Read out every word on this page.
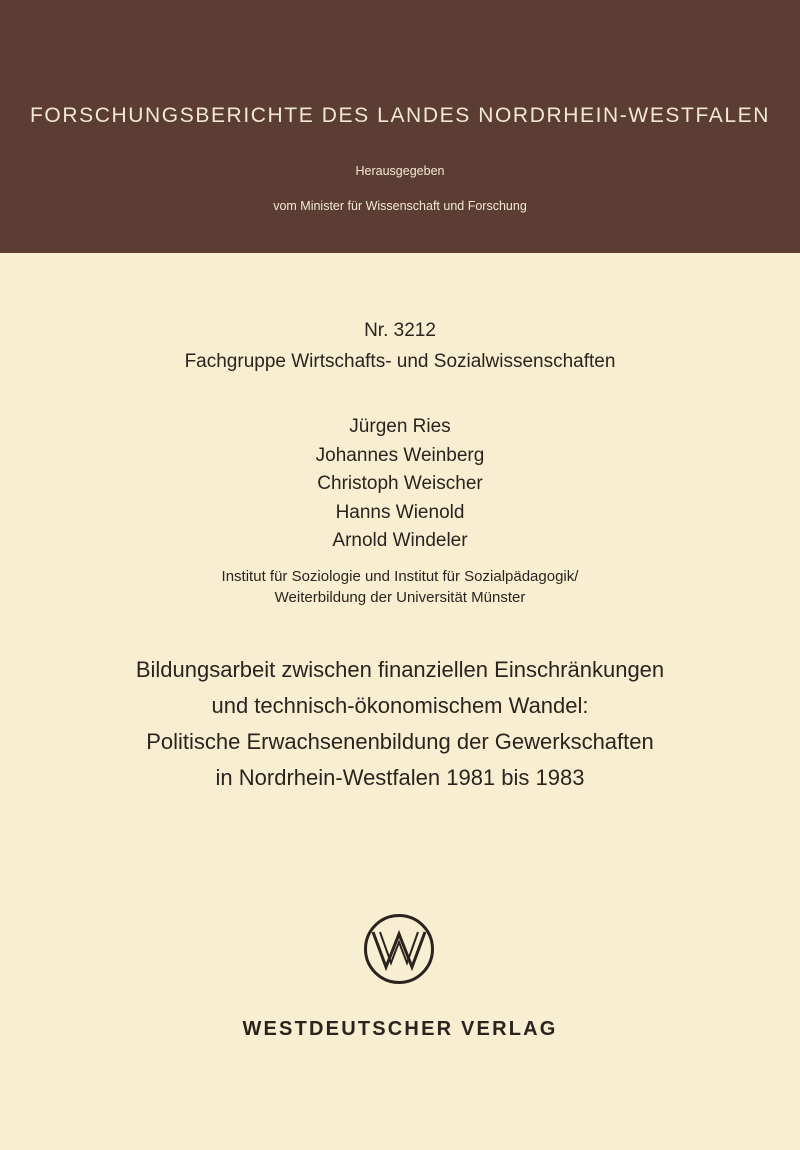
FORSCHUNGSBERICHTE DES LANDES NORDRHEIN-WESTFALEN
Herausgegeben
vom Minister für Wissenschaft und Forschung
Nr. 3212
Fachgruppe Wirtschafts- und Sozialwissenschaften
Jürgen Ries
Johannes Weinberg
Christoph Weischer
Hanns Wienold
Arnold Windeler
Institut für Soziologie und Institut für Sozialpädagogik/
Weiterbildung der Universität Münster
Bildungsarbeit zwischen finanziellen Einschränkungen
und technisch-ökonomischem Wandel:
Politische Erwachsenenbildung der Gewerkschaften
in Nordrhein-Westfalen 1981 bis 1983
WESTDEUTSCHER VERLAG
